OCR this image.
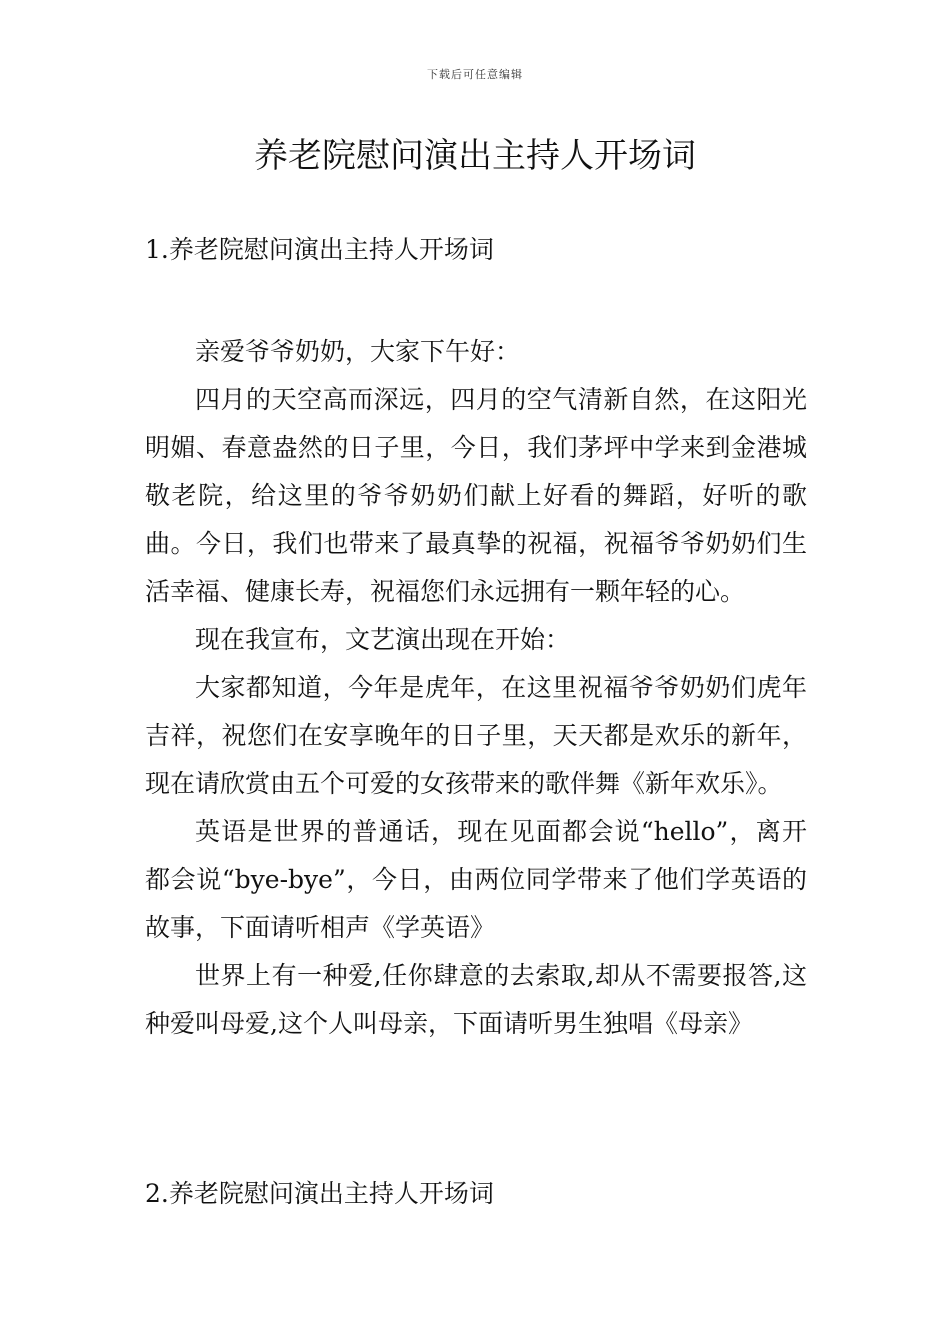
下载后可任意编辑
养老院慰问演出主持人开场词
1.养老院慰问演出主持人开场词

亲爱爷爷奶奶，大家下午好：

四月的天空高而深远，四月的空气清新自然，在这阳光明媚、春意盎然的日子里，今日，我们茅坪中学来到金港城敬老院，给这里的爷爷奶奶们献上好看的舞蹈，好听的歌曲。今日，我们也带来了最真挚的祝福，祝福爷爷奶奶们生活幸福、健康长寿，祝福您们永远拥有一颗年轻的心。

现在我宣布，文艺演出现在开始：

大家都知道，今年是虎年，在这里祝福爷爷奶奶们虎年吉祥，祝您们在安享晚年的日子里，天天都是欢乐的新年，现在请欣赏由五个可爱的女孩带来的歌伴舞《新年欢乐》。

英语是世界的普通话，现在见面都会说“hello”，离开都会说“bye-bye”，今日，由两位同学带来了他们学英语的故事，下面请听相声《学英语》

世界上有一种爱,任你肆意的去索取,却从不需要报答,这种爱叫母爱,这个人叫母亲，下面请听男生独唱《母亲》

2.养老院慰问演出主持人开场词
